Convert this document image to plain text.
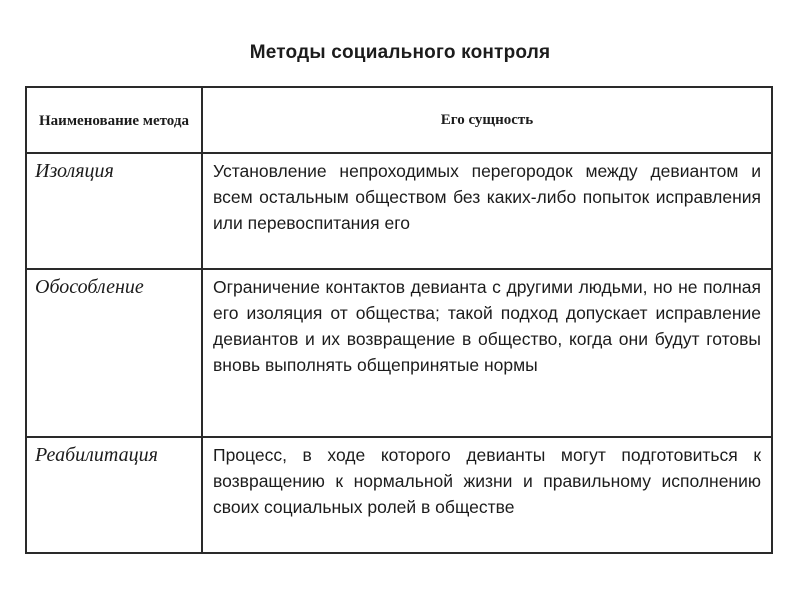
Методы социального контроля
Наименование метода	Его сущность
Изоляция	Установление непроходимых перегородок между девиантом и всем остальным обществом без каких-либо попыток исправления или перевоспитания его
Обособление	Ограничение контактов девианта с другими людьми, но не полная его изоляция от общества; такой подход допускает исправление девиантов и их возвращение в общество, когда они будут готовы вновь выполнять общепринятые нормы
Реабилитация	Процесс, в ходе которого девианты могут подготовиться к возвращению к нормальной жизни и правильному исполнению своих социальных ролей в обществе
